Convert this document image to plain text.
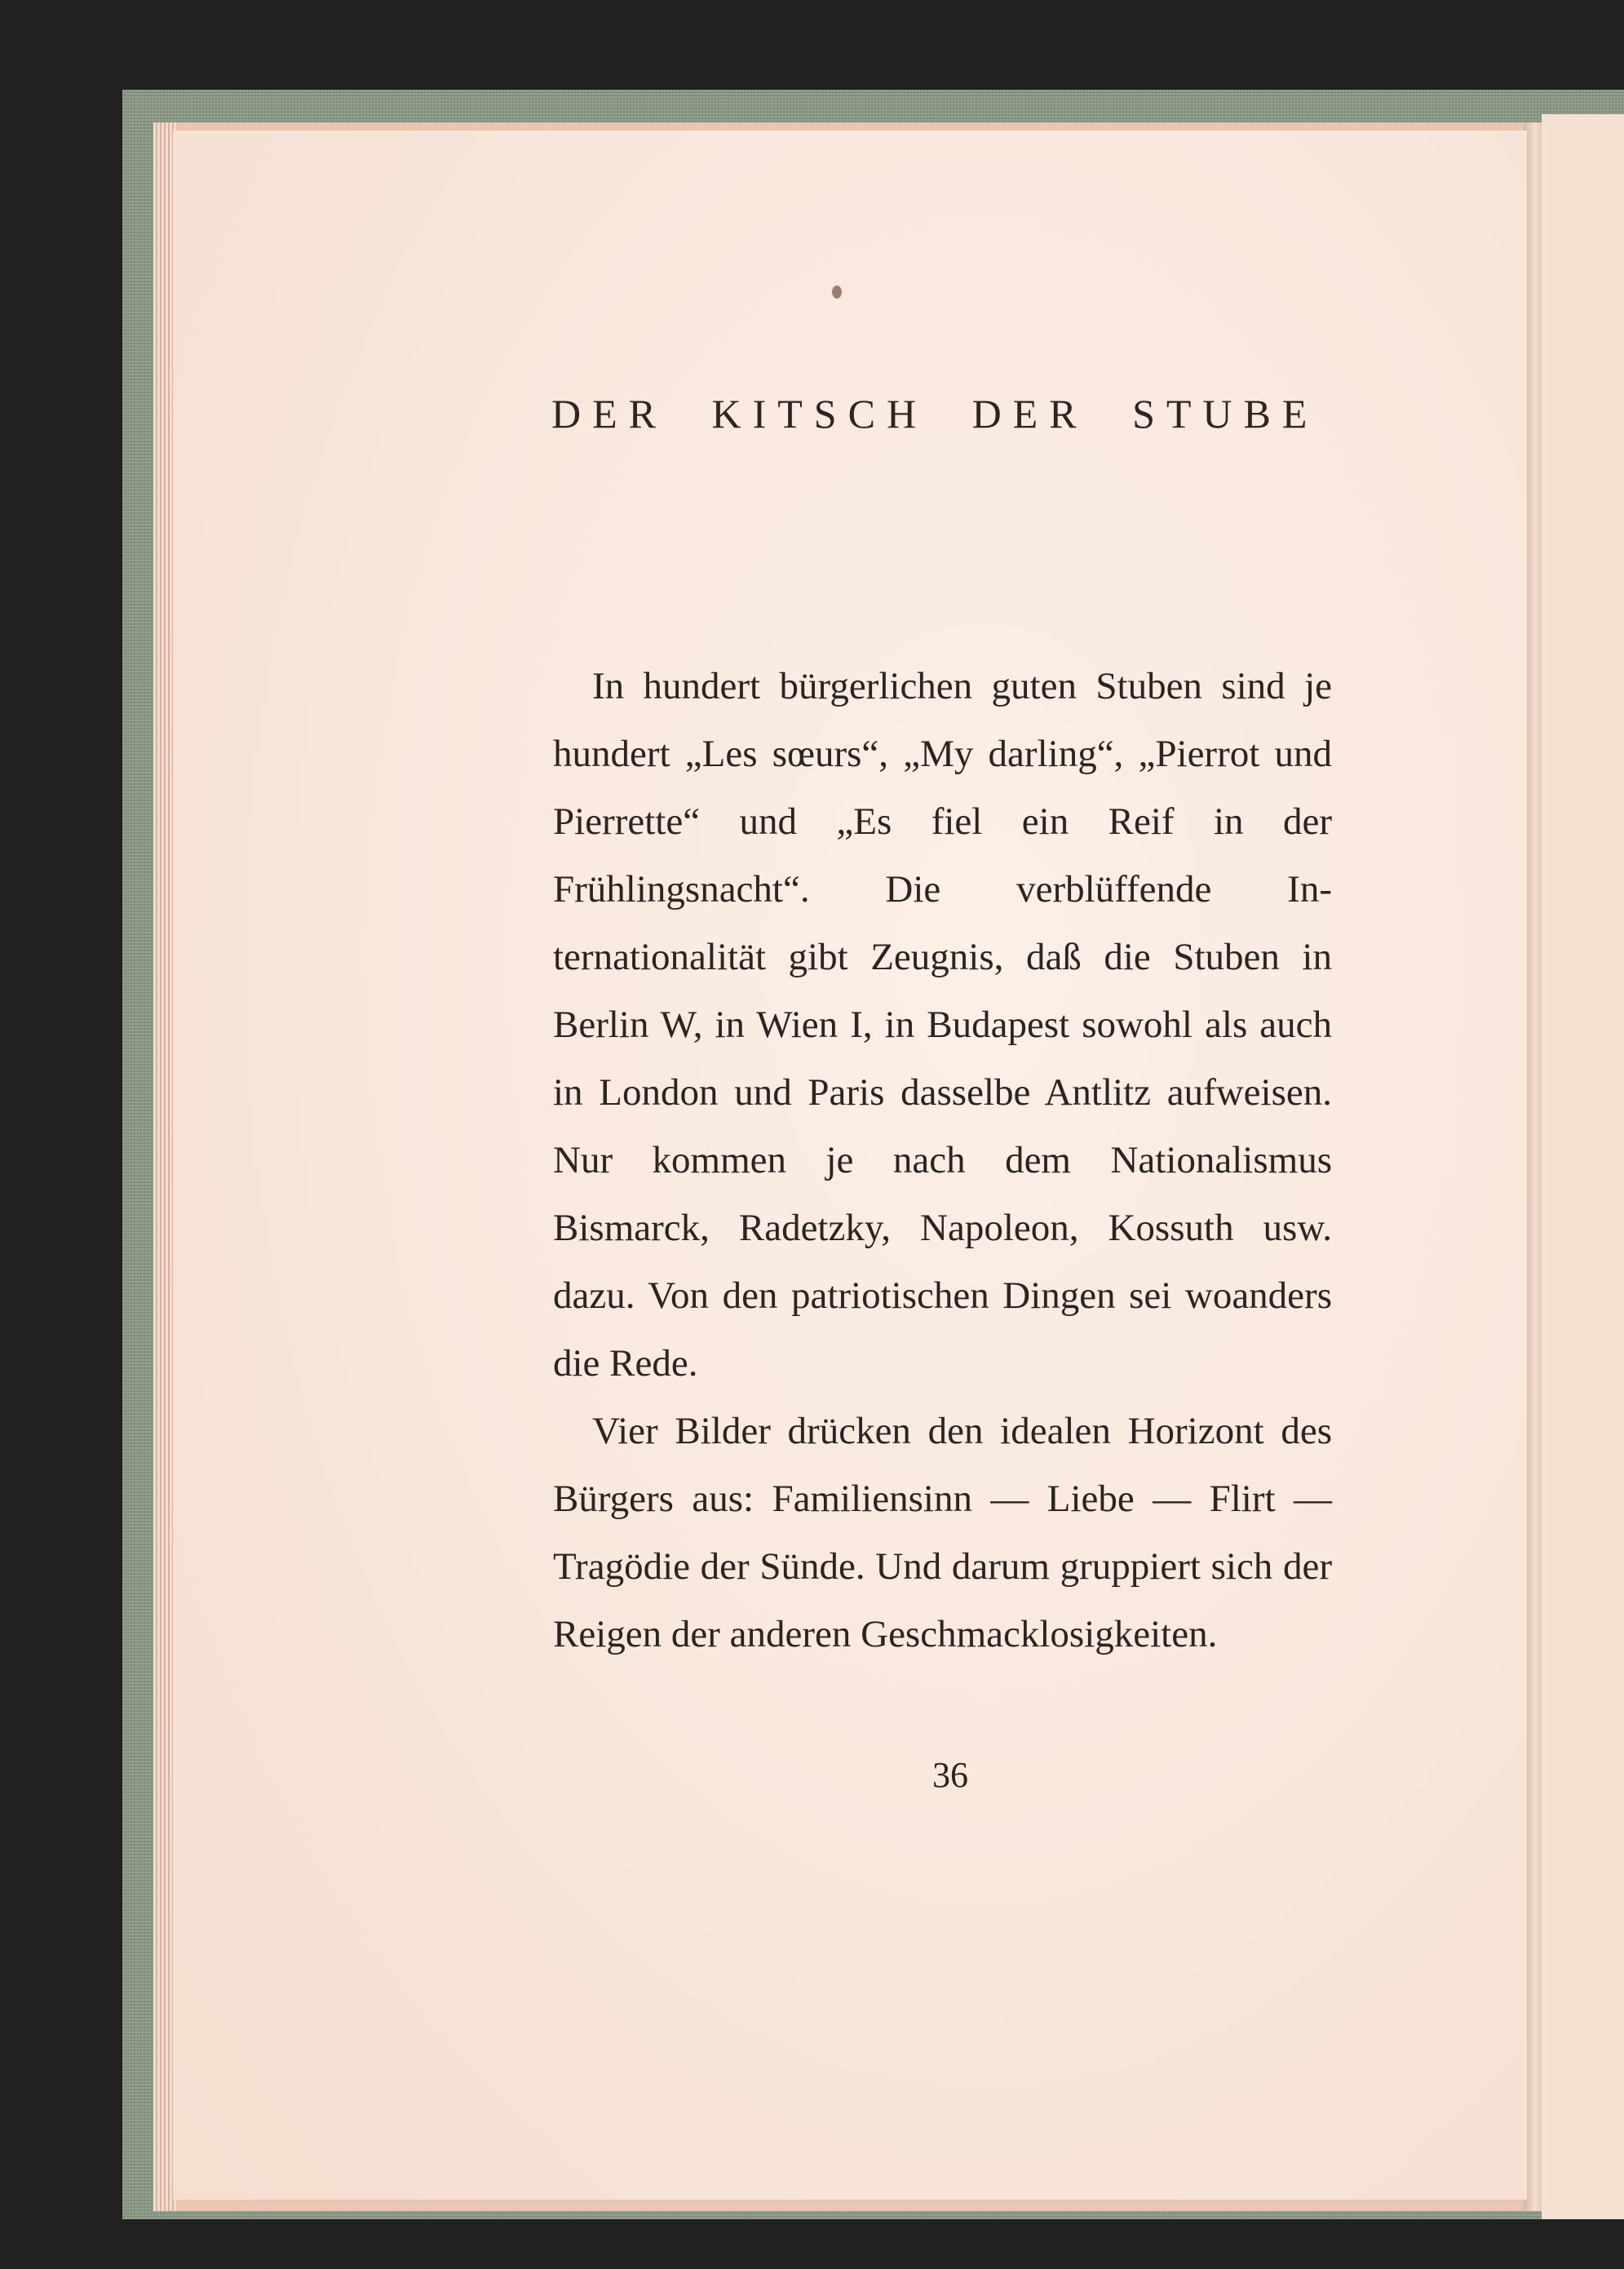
DER KITSCH DER STUBE

In hundert bürgerlichen guten Stuben sind je hundert „Les sœurs“, „My darling“, „Pierrot und Pierrette“ und „Es fiel ein Reif in der Frühlingsnacht“. Die verblüffende Internationalität gibt Zeugnis, daß die Stuben in Berlin W, in Wien I, in Budapest sowohl als auch in London und Paris dasselbe Antlitz aufweisen. Nur kommen je nach dem Nationalismus Bismarck, Radetzky, Napoleon, Kossuth usw. dazu. Von den patriotischen Dingen sei woanders die Rede.

Vier Bilder drücken den idealen Horizont des Bürgers aus: Familiensinn — Liebe — Flirt — Tragödie der Sünde. Und darum gruppiert sich der Reigen der anderen Geschmacklosigkeiten.

36
